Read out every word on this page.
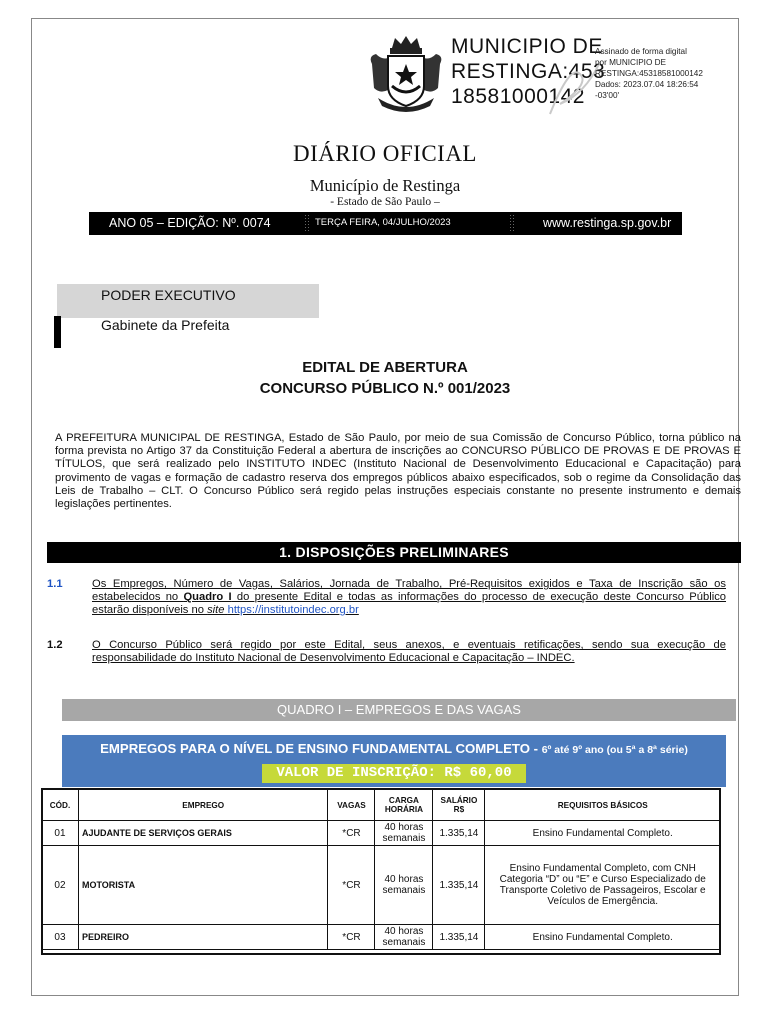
MUNICIPIO DE
RESTINGA:453
18581000142
Assinado de forma digital
por MUNICIPIO DE
RESTINGA:45318581000142
Dados: 2023.07.04 18:26:54
-03'00'
DIÁRIO OFICIAL
Município de Restinga
- Estado de São Paulo –
ANO 05 – EDIÇÃO: Nº. 0074	TERÇA FEIRA, 04/JULHO/2023	www.restinga.sp.gov.br
PODER EXECUTIVO
Gabinete da Prefeita
EDITAL DE ABERTURA
CONCURSO PÚBLICO N.º 001/2023
A PREFEITURA MUNICIPAL DE RESTINGA, Estado de São Paulo, por meio de sua Comissão de Concurso Público, torna público na forma prevista no Artigo 37 da Constituição Federal a abertura de inscrições ao CONCURSO PÚBLICO DE PROVAS E DE PROVAS E TÍTULOS, que será realizado pelo INSTITUTO INDEC (Instituto Nacional de Desenvolvimento Educacional e Capacitação) para provimento de vagas e formação de cadastro reserva dos empregos públicos abaixo especificados, sob o regime da Consolidação das Leis de Trabalho – CLT. O Concurso Público será regido pelas instruções especiais constante no presente instrumento e demais legislações pertinentes.
1. DISPOSIÇÕES PRELIMINARES
1.1	Os Empregos, Número de Vagas, Salários, Jornada de Trabalho, Pré-Requisitos exigidos e Taxa de Inscrição são os estabelecidos no Quadro I do presente Edital e todas as informações do processo de execução deste Concurso Público estarão disponíveis no site https://institutoindec.org.br
1.2	O Concurso Público será regido por este Edital, seus anexos, e eventuais retificações, sendo sua execução de responsabilidade do Instituto Nacional de Desenvolvimento Educacional e Capacitação – INDEC.
QUADRO I – EMPREGOS E DAS VAGAS
EMPREGOS PARA O NÍVEL DE ENSINO FUNDAMENTAL COMPLETO - 6º até 9º ano (ou 5ª a 8ª série)
VALOR DE INSCRIÇÃO: R$ 60,00
CÓD.	EMPREGO	VAGAS	CARGA HORÁRIA	SALÁRIO R$	REQUISITOS BÁSICOS
01	AJUDANTE DE SERVIÇOS GERAIS	*CR	40 horas semanais	1.335,14	Ensino Fundamental Completo.
02	MOTORISTA	*CR	40 horas semanais	1.335,14	Ensino Fundamental Completo, com CNH Categoria “D” ou “E” e Curso Especializado de Transporte Coletivo de Passageiros, Escolar e Veículos de Emergência.
03	PEDREIRO	*CR	40 horas semanais	1.335,14	Ensino Fundamental Completo.
